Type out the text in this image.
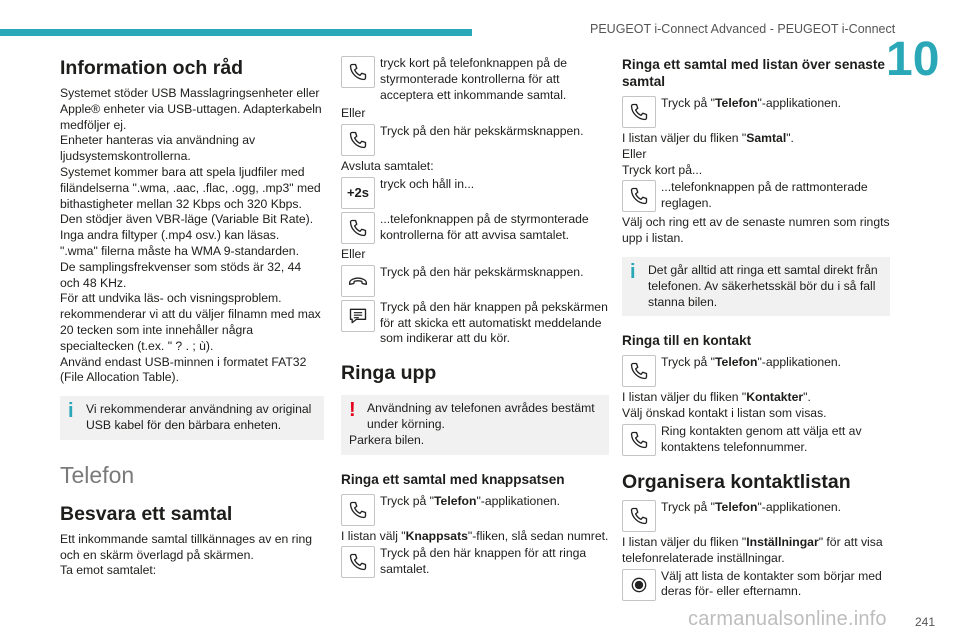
PEUGEOT i-Connect Advanced - PEUGEOT i-Connect
10
Information och råd

Systemet stöder USB Masslagringsenheter eller Apple® enheter via USB-uttagen. Adapterkabeln medföljer ej.

Enheter hanteras via användning av ljudsystemskontrollerna.

Systemet kommer bara att spela ljudfiler med filändelserna ".wma, .aac, .flac, .ogg, .mp3" med bithastigheter mellan 32 Kbps och 320 Kbps.

Den stödjer även VBR-läge (Variable Bit Rate).

Inga andra filtyper (.mp4 osv.) kan läsas.

".wma" filerna måste ha WMA 9-standarden.

De samplingsfrekvenser som stöds är 32, 44 och 48 KHz.

För att undvika läs- och visningsproblem. rekommenderar vi att du väljer filnamn med max 20 tecken som inte innehåller några specialtecken (t.ex. " ? . ; ù).

Använd endast USB-minnen i formatet FAT32 (File Allocation Table).

i	Vi rekommenderar användning av original USB kabel för den bärbara enheten.
Telefon
Besvara ett samtal

Ett inkommande samtal tillkännages av en ring och en skärm överlagd på skärmen.

Ta emot samtalet:

tryck kort på telefonknappen på de styrmonterade kontrollerna för att acceptera ett inkommande samtal.

Eller

Tryck på den här pekskärmsknappen.

Avsluta samtalet:

+2s
tryck och håll in...
...telefonknappen på de styrmonterade kontrollerna för att avvisa samtalet.

Eller

Tryck på den här pekskärmsknappen.
Tryck på den här knappen på pekskärmen för att skicka ett automatiskt meddelande som indikerar att du kör.
Ringa upp
! Användning av telefonen avrådes bestämt under körning.

Parkera bilen.

Ringa ett samtal med knappsatsen
Tryck på "Telefon"-applikationen.

I listan välj "Knappsats"-fliken, slå sedan numret.

Tryck på den här knappen för att ringa samtalet.
Ringa ett samtal med listan över senaste samtal
Tryck på "Telefon"-applikationen.

I listan väljer du fliken "Samtal".

Eller

Tryck kort på...

...telefonknappen på de rattmonterade reglagen.

Välj och ring ett av de senaste numren som ringts upp i listan.

i	Det går alltid att ringa ett samtal direkt från telefonen. Av säkerhetsskäl bör du i så fall stanna bilen.
Ringa till en kontakt
Tryck på "Telefon"-applikationen.

I listan väljer du fliken "Kontakter".

Välj önskad kontakt i listan som visas.

Ring kontakten genom att välja ett av kontaktens telefonnummer.
Organisera kontaktlistan
Tryck på "Telefon"-applikationen.

I listan väljer du fliken "Inställningar" för att visa telefonrelaterade inställningar.

Välj att lista de kontakter som börjar med deras för- eller efternamn.
carmanualsonline.info 241
